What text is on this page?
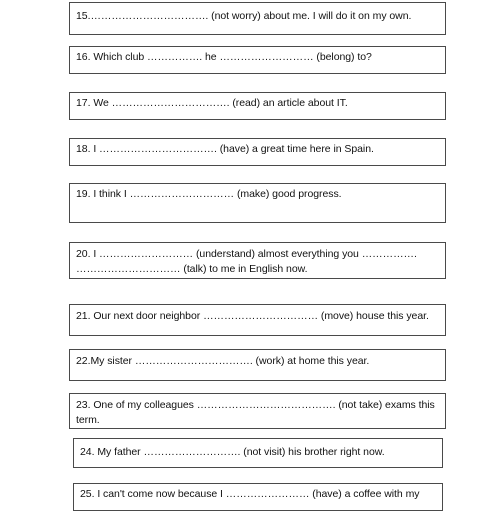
15.……………………………. (not worry) about me. I will do it on my own.
16. Which club ……………. he ……………………… (belong) to?
17. We ……………………………. (read) an article about IT.
18. I ……………………………. (have) a great time here in Spain.
19. I think I ………………………… (make) good progress.
20. I ……………………… (understand) almost everything you …………….
………………………… (talk) to me in English now.
21. Our next door neighbor …………………………… (move) house this year.
22.My sister ……………………………. (work) at home this year.
23. One of my colleagues …………………………………. (not take) exams this
term.
24. My father ………………………. (not visit) his brother right now.
25. I can't come now because I …………………… (have) a coffee with my
